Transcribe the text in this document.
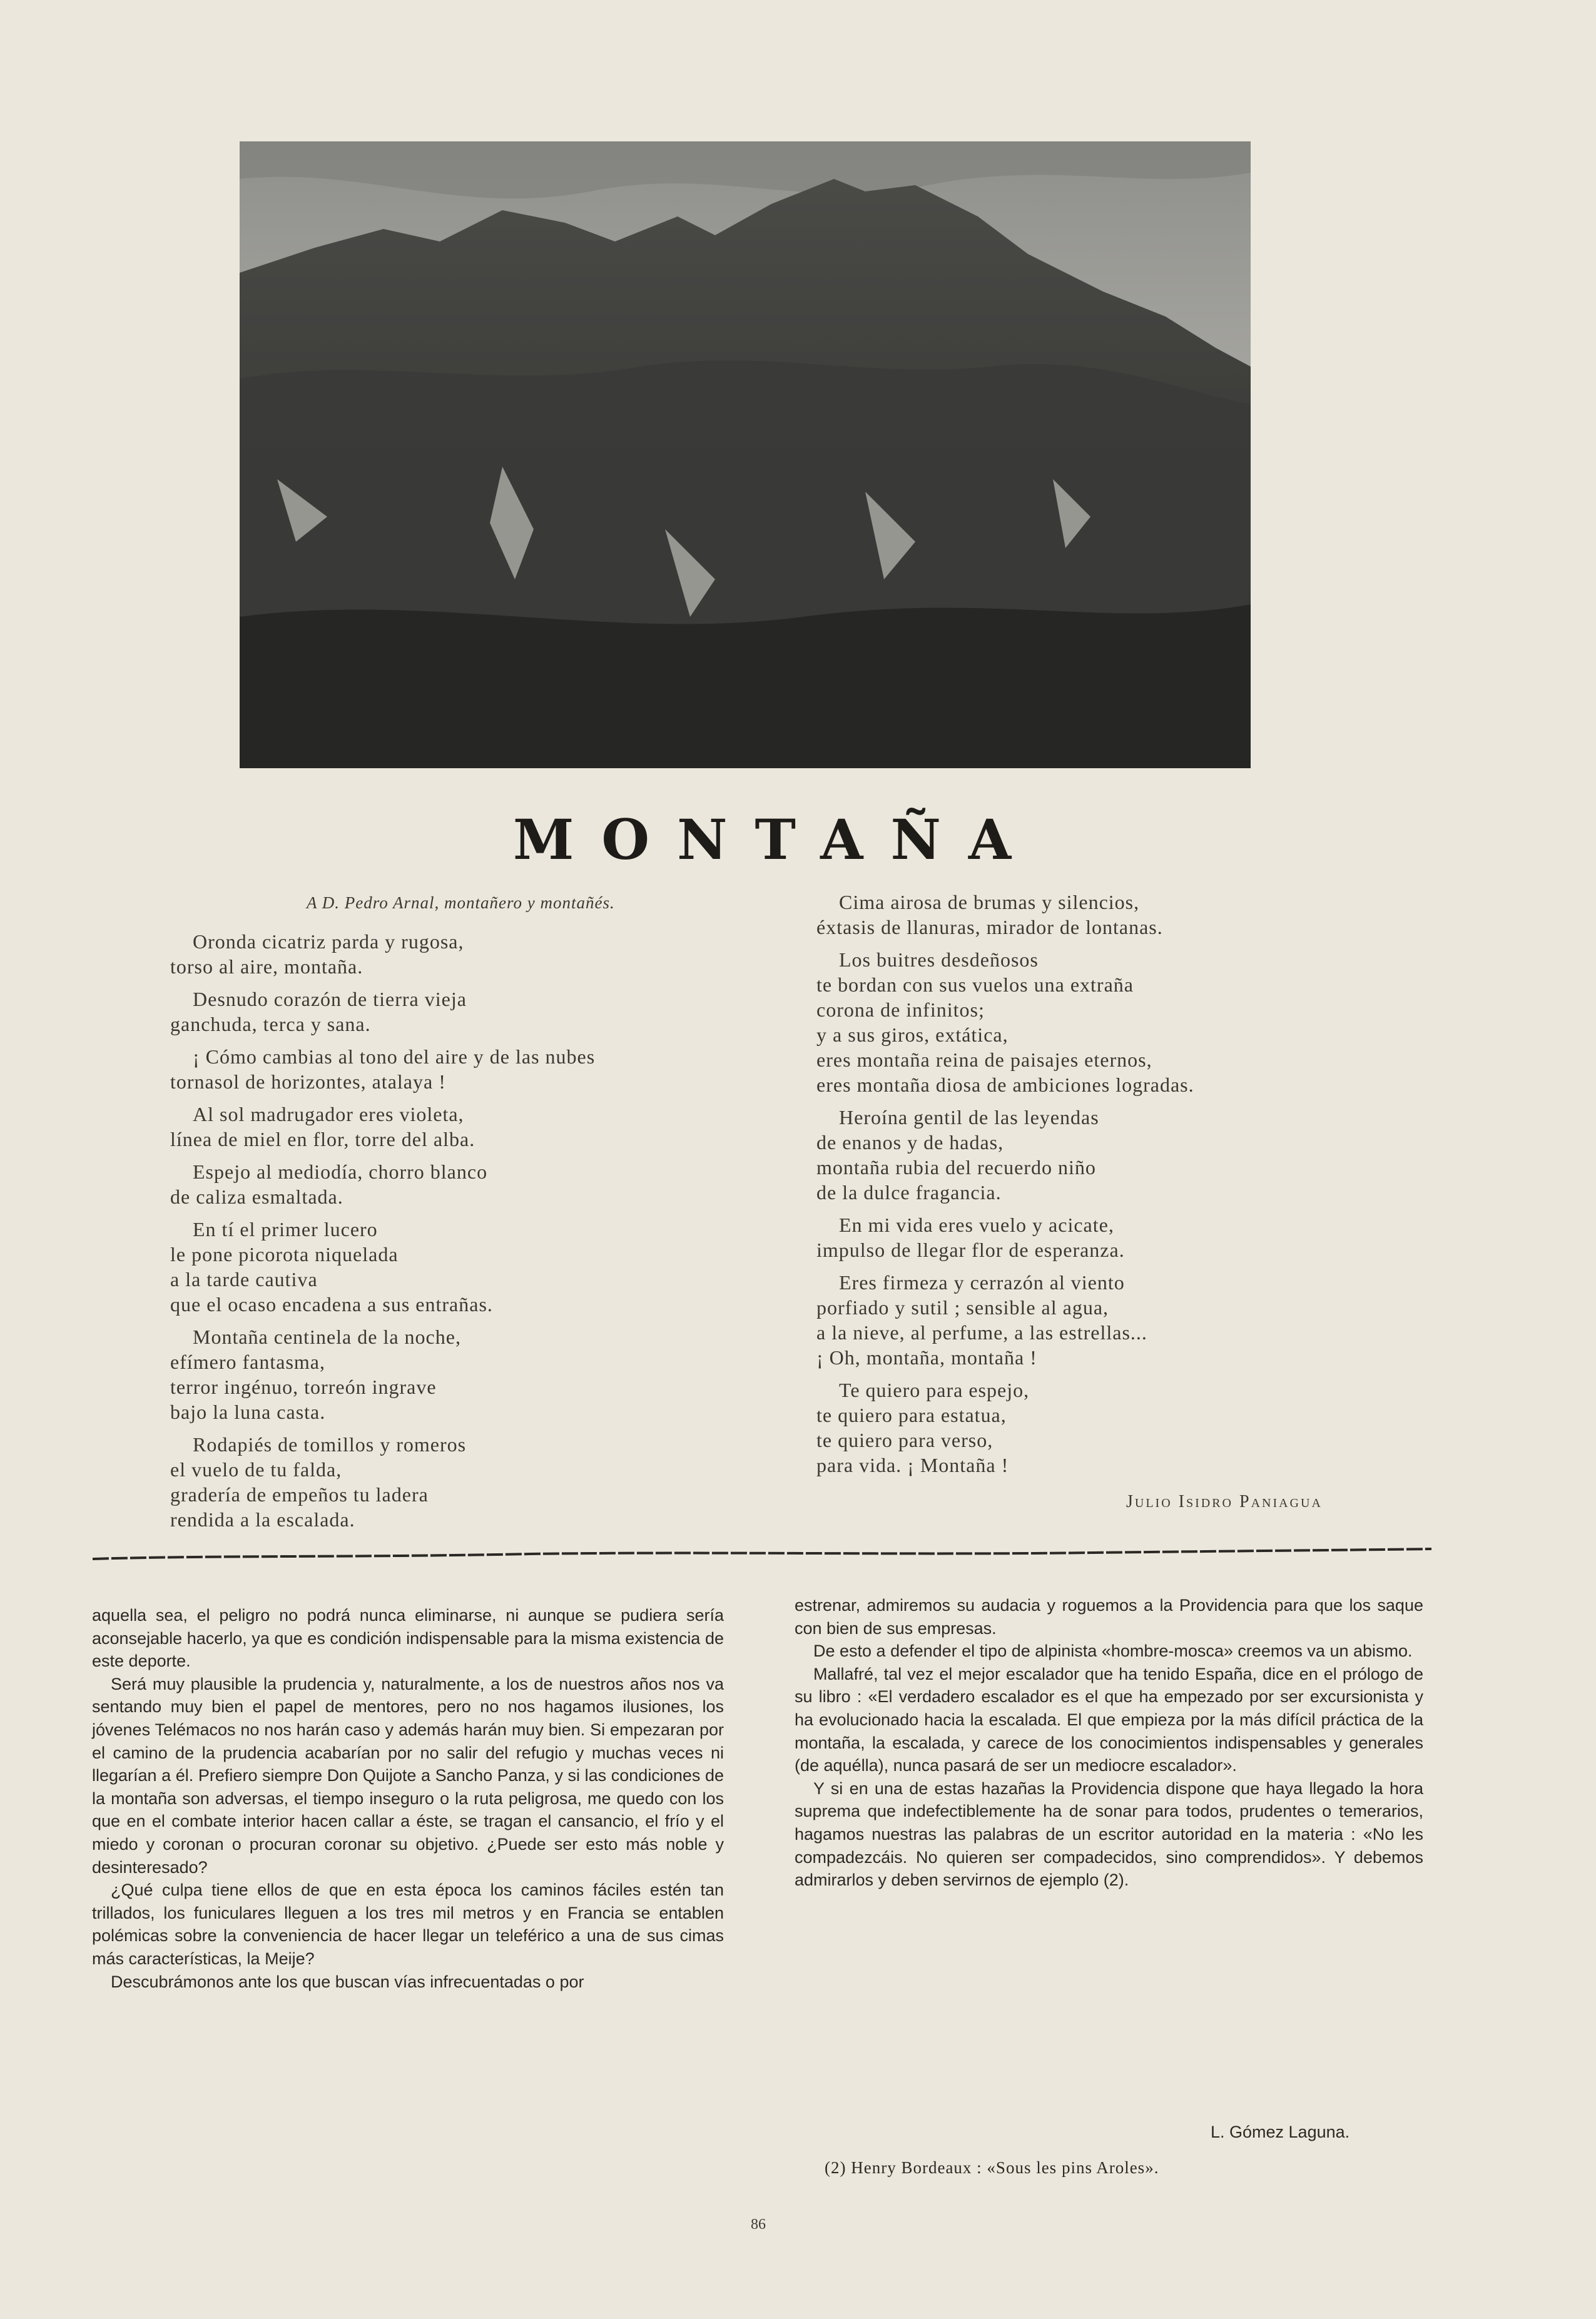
MONTAÑA
A D. Pedro Arnal, montañero y montañés.
Oronda cicatriz parda y rugosa,
torso al aire, montaña.
Desnudo corazón de tierra vieja
ganchuda, terca y sana.
¡ Cómo cambias al tono del aire y de las nubes
tornasol de horizontes, atalaya !
Al sol madrugador eres violeta,
línea de miel en flor, torre del alba.
Espejo al mediodía, chorro blanco
de caliza esmaltada.
En tí el primer lucero
le pone picorota niquelada
a la tarde cautiva
que el ocaso encadena a sus entrañas.
Montaña centinela de la noche,
efímero fantasma,
terror ingénuo, torreón ingrave
bajo la luna casta.
Rodapiés de tomillos y romeros
el vuelo de tu falda,
gradería de empeños tu ladera
rendida a la escalada.
Cima airosa de brumas y silencios,
éxtasis de llanuras, mirador de lontanas.
Los buitres desdeñosos
te bordan con sus vuelos una extraña
corona de infinitos;
y a sus giros, extática,
eres montaña reina de paisajes eternos,
eres montaña diosa de ambiciones logradas.
Heroína gentil de las leyendas
de enanos y de hadas,
montaña rubia del recuerdo niño
de la dulce fragancia.
En mi vida eres vuelo y acicate,
impulso de llegar flor de esperanza.
Eres firmeza y cerrazón al viento
porfiado y sutil ; sensible al agua,
a la nieve, al perfume, a las estrellas...
¡ Oh, montaña, montaña !
Te quiero para espejo,
te quiero para estatua,
te quiero para verso,
para vida. ¡ Montaña !
Julio Isidro Paniagua

aquella sea, el peligro no podrá nunca eliminarse, ni aunque se pudiera sería aconsejable hacerlo, ya que es condición indispensable para la misma existencia de este deporte.

Será muy plausible la prudencia y, naturalmente, a los de nuestros años nos va sentando muy bien el papel de mentores, pero no nos hagamos ilusiones, los jóvenes Telémacos no nos harán caso y además harán muy bien. Si empezaran por el camino de la prudencia acabarían por no salir del refugio y muchas veces ni llegarían a él. Prefiero siempre Don Quijote a Sancho Panza, y si las condiciones de la montaña son adversas, el tiempo inseguro o la ruta peligrosa, me quedo con los que en el combate interior hacen callar a éste, se tragan el cansancio, el frío y el miedo y coronan o procuran coronar su objetivo. ¿Puede ser esto más noble y desinteresado?

¿Qué culpa tiene ellos de que en esta época los caminos fáciles estén tan trillados, los funiculares lleguen a los tres mil metros y en Francia se entablen polémicas sobre la conveniencia de hacer llegar un teleférico a una de sus cimas más características, la Meije?

Descubrámonos ante los que buscan vías infrecuentadas o por

estrenar, admiremos su audacia y roguemos a la Providencia para que los saque con bien de sus empresas.

De esto a defender el tipo de alpinista «hombre-mosca» creemos va un abismo.

Mallafré, tal vez el mejor escalador que ha tenido España, dice en el prólogo de su libro : «El verdadero escalador es el que ha empezado por ser excursionista y ha evolucionado hacia la escalada. El que empieza por la más difícil práctica de la montaña, la escalada, y carece de los conocimientos indispensables y generales (de aquélla), nunca pasará de ser un mediocre escalador».

Y si en una de estas hazañas la Providencia dispone que haya llegado la hora suprema que indefectiblemente ha de sonar para todos, prudentes o temerarios, hagamos nuestras las palabras de un escritor autoridad en la materia : «No les compadezcáis. No quieren ser compadecidos, sino comprendidos». Y debemos admirarlos y deben servirnos de ejemplo (2).

L. Gómez Laguna.
(2) Henry Bordeaux : «Sous les pins Aroles».
86
